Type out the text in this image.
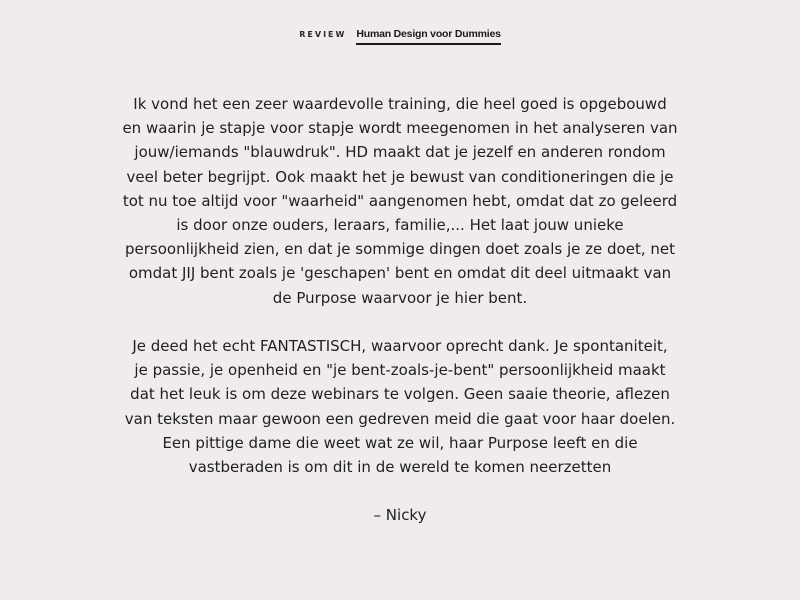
REVIEW Human Design voor Dummies

Ik vond het een zeer waardevolle training, die heel goed is opgebouwd
en waarin je stapje voor stapje wordt meegenomen in het analyseren van
jouw/iemands "blauwdruk". HD maakt dat je jezelf en anderen rondom
veel beter begrijpt. Ook maakt het je bewust van conditioneringen die je
tot nu toe altijd voor "waarheid" aangenomen hebt, omdat dat zo geleerd
is door onze ouders, leraars, familie,... Het laat jouw unieke
persoonlijkheid zien, en dat je sommige dingen doet zoals je ze doet, net
omdat JIJ bent zoals je 'geschapen' bent en omdat dit deel uitmaakt van
de Purpose waarvoor je hier bent.

Je deed het echt FANTASTISCH, waarvoor oprecht dank. Je spontaniteit,
je passie, je openheid en "je bent-zoals-je-bent" persoonlijkheid maakt
dat het leuk is om deze webinars te volgen. Geen saaie theorie, aflezen
van teksten maar gewoon een gedreven meid die gaat voor haar doelen.
Een pittige dame die weet wat ze wil, haar Purpose leeft en die
vastberaden is om dit in de wereld te komen neerzetten

– Nicky
